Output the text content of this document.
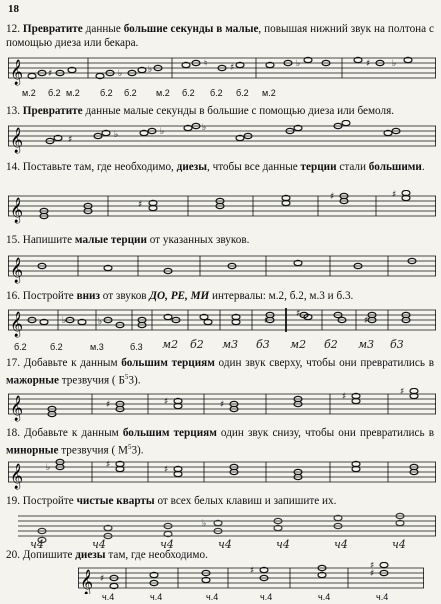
18
12. Превратите данные большие секунды в малые, повышая нижний звук на полтона с помощью диеза или бекара.
𝄞	♯	♭	♭
♮	♯	♭	♯ ♭
м.2 б.2 м.2 б.2 б.2 м.2 б.2 б.2 б.2 м.2
13. Превратите данные малые секунды в большие с помощью диеза или бемоля.
𝄞	♯	♭	♭	♭
14. Поставьте там, где необходимо, диезы, чтобы все данные терции стали большими.
𝄞	♯
♯	♯
15. Напишите малые терции от указанных звуков.
𝄞
16. Постройте вниз от звуков ДО, РЕ, МИ интервалы: м.2, б.2, м.3 и б.3.
𝄞	♭	♭	♯
♯
♯
б.2	б.2	м.3	б.3 м2 б2 м3 б3 м2 б2 м3 б3
17. Добавьте к данным большим терциям один звук сверху, чтобы они превратились в мажорные трезвучия ( $Б^53$).
𝄞	♯	♯	♯
♯	♯
18. Добавьте к данным большим терциям один звук снизу, чтобы они превратились в минорные трезвучия ( $М^53$).
𝄞	♭	♯	♯
19. Постройте чистые кварты от всех белых клавиш и запишите их.
♭
ч4	ч4	ч4	ч4	ч4	ч4	ч4
20. Допишите диезы там, где необходимо.
𝄞 ♯
♯	♯
♯
ч.4	ч.4	ч.4	ч.4	ч.4	ч.4
